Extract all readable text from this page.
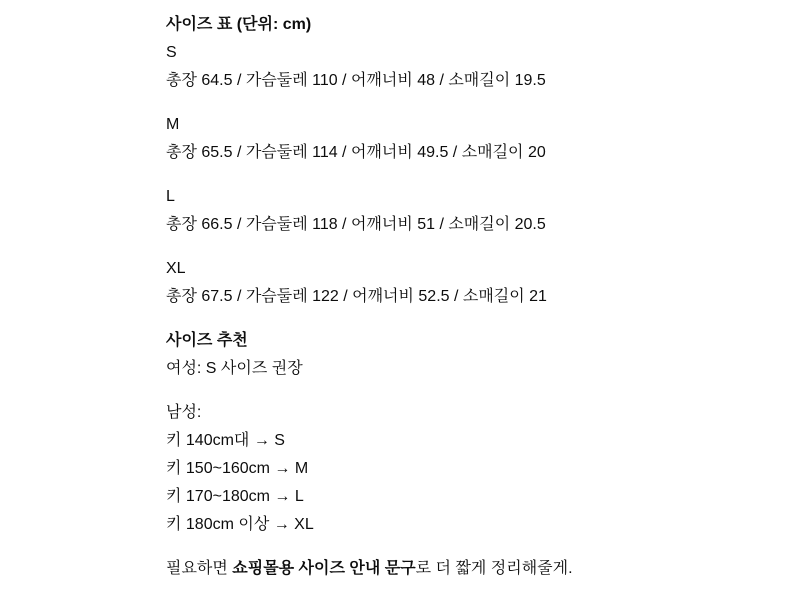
사이즈 표 (단위: cm)
S
총장 64.5 / 가슴둘레 110 / 어깨너비 48 / 소매길이 19.5
M
총장 65.5 / 가슴둘레 114 / 어깨너비 49.5 / 소매길이 20
L
총장 66.5 / 가슴둘레 118 / 어깨너비 51 / 소매길이 20.5
XL
총장 67.5 / 가슴둘레 122 / 어깨너비 52.5 / 소매길이 21
사이즈 추천
여성: S 사이즈 권장
남성:
키 140cm대 → S
키 150~160cm → M
키 170~180cm → L
키 180cm 이상 → XL
필요하면 쇼핑몰용 사이즈 안내 문구로 더 짧게 정리해줄게.
